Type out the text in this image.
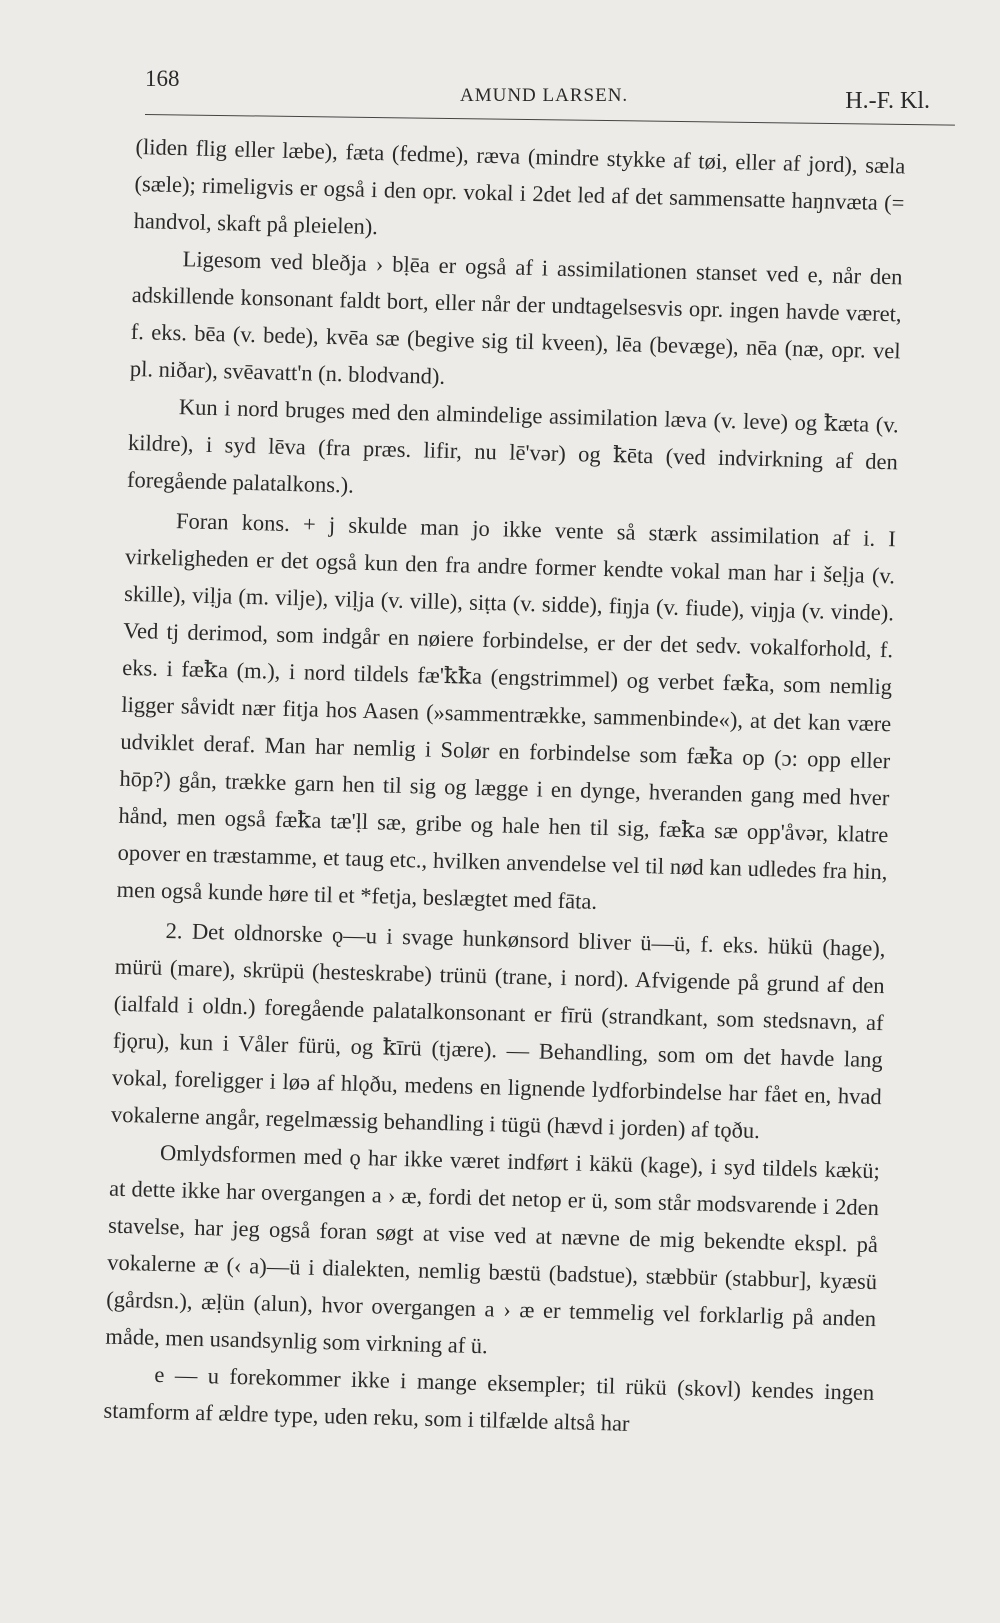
168
AMUND LARSEN.	H.-F. Kl.

(liden flig eller læbe), fæta (fedme), ræva (mindre stykke af tøi, eller af jord), sæla (sæle); rimeligvis er også i den opr. vokal i 2det led af det sammensatte haŋnvæta (= handvol, skaft på pleielen).

Ligesom ved bleðja › bḷēa er også af i assimilationen stanset ved e, når den adskillende konsonant faldt bort, eller når der undtagelsesvis opr. ingen havde været, f. eks. bēa (v. bede), kvēa sæ (begive sig til kveen), lēa (bevæge), nēa (næ, opr. vel pl. niðar), svēavatt'n (n. blodvand).

Kun i nord bruges med den almindelige assimilation læva (v. leve) og ꝁæta (v. kildre), i syd lēva (fra præs. lifir, nu lē'vər) og ꝁēta (ved indvirkning af den foregående palatalkons.).

Foran kons. + j skulde man jo ikke vente så stærk assimilation af i. I virkeligheden er det også kun den fra andre former kendte vokal man har i šeḷja (v. skille), viḷja (m. vilje), viḷja (v. ville), siṭta (v. sidde), fiŋja (v. fiude), viŋja (v. vinde). Ved tj derimod, som indgår en nøiere forbindelse, er der det sedv. vokalforhold, f. eks. i fæꝁa (m.), i nord tildels fæ'ꝁꝁa (engstrimmel) og verbet fæꝁa, som nemlig ligger såvidt nær fitja hos Aasen (»sammentrække, sammenbinde«), at det kan være udviklet deraf. Man har nemlig i Solør en forbindelse som fæꝁa op (ɔ: opp eller hōp?) gån, trække garn hen til sig og lægge i en dynge, hveranden gang med hver hånd, men også fæꝁa tæ'ḷl sæ, gribe og hale hen til sig, fæꝁa sæ opp'åvər, klatre opover en træstamme, et taug etc., hvilken anvendelse vel til nød kan udledes fra hin, men også kunde høre til et *fetja, beslægtet med fāta.

2. Det oldnorske ǫ—u i svage hunkønsord bliver ü—ü, f. eks. hükü (hage), mürü (mare), skrüpü (hesteskrabe) trünü (trane, i nord). Afvigende på grund af den (ialfald i oldn.) foregående palatalkonsonant er fīrü (strandkant, som stedsnavn, af fjǫru), kun i Våler fürü, og ꝁīrü (tjære). — Behandling, som om det havde lang vokal, foreligger i løə af hlǫðu, medens en lignende lydforbindelse har fået en, hvad vokalerne angår, regelmæssig behandling i tügü (hævd i jorden) af tǫðu.

Omlydsformen med ǫ har ikke været indført i käkü (kage), i syd tildels kækü; at dette ikke har overgangen a › æ, fordi det netop er ü, som står modsvarende i 2den stavelse, har jeg også foran søgt at vise ved at nævne de mig bekendte ekspl. på vokalerne æ (‹ a)—ü i dialekten, nemlig bæstü (badstue), stæbbür (stabbur], kyæsü (gårdsn.), æḷün (alun), hvor overgangen a › æ er temmelig vel forklarlig på anden måde, men usandsynlig som virkning af ü.

e — u forekommer ikke i mange eksempler; til rükü (skovl) kendes ingen stamform af ældre type, uden reku, som i tilfælde altså har
